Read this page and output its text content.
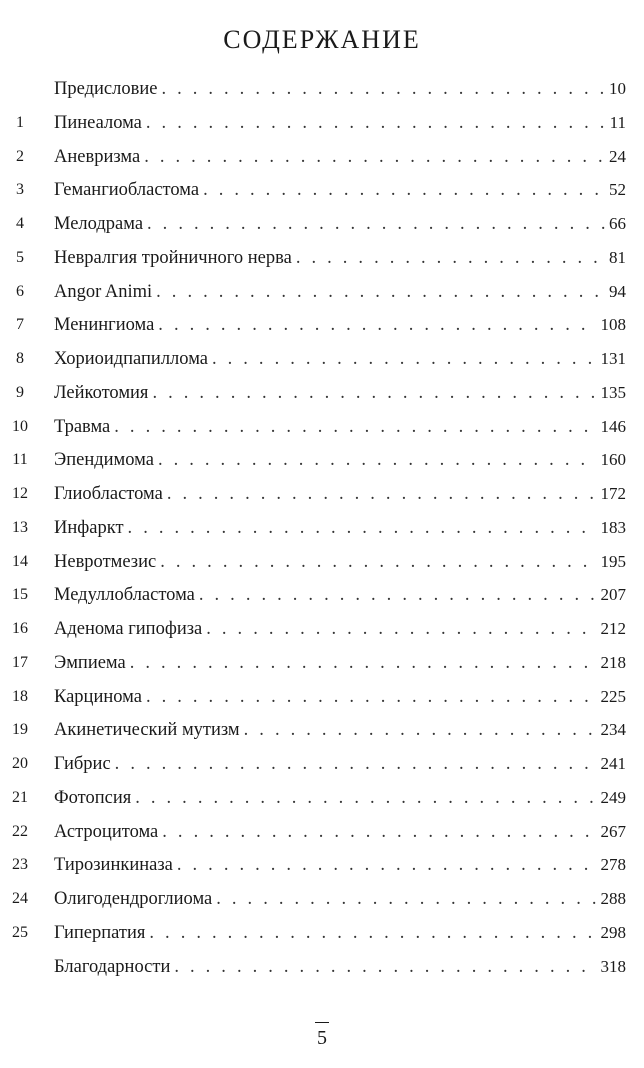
СОДЕРЖАНИЕ
Предисловие . . .	10
1	Пинеалома . . .	11
2	Аневризма . . .	24
3	Гемангиобластома . . .	52
4	Мелодрама . . .	66
5	Невралгия тройничного нерва . . .	81
6	Angor Animi . . .	94
7	Менингиома . . .	108
8	Хориоидпапиллома . . .	131
9	Лейкотомия . . .	135
10	Травма . . .	146
11	Эпендимома . . .	160
12	Глиобластома . . .	172
13	Инфаркт . . .	183
14	Невротмезис . . .	195
15	Медуллобластома . . .	207
16	Аденома гипофиза . . .	212
17	Эмпиема . . .	218
18	Карцинома . . .	225
19	Акинетический мутизм . . .	234
20	Гибрис . . .	241
21	Фотопсия . . .	249
22	Астроцитома . . .	267
23	Тирозинкиназа . . .	278
24	Олигодендроглиома . . .	288
25	Гиперпатия . . .	298
Благодарности . . .	318
5
